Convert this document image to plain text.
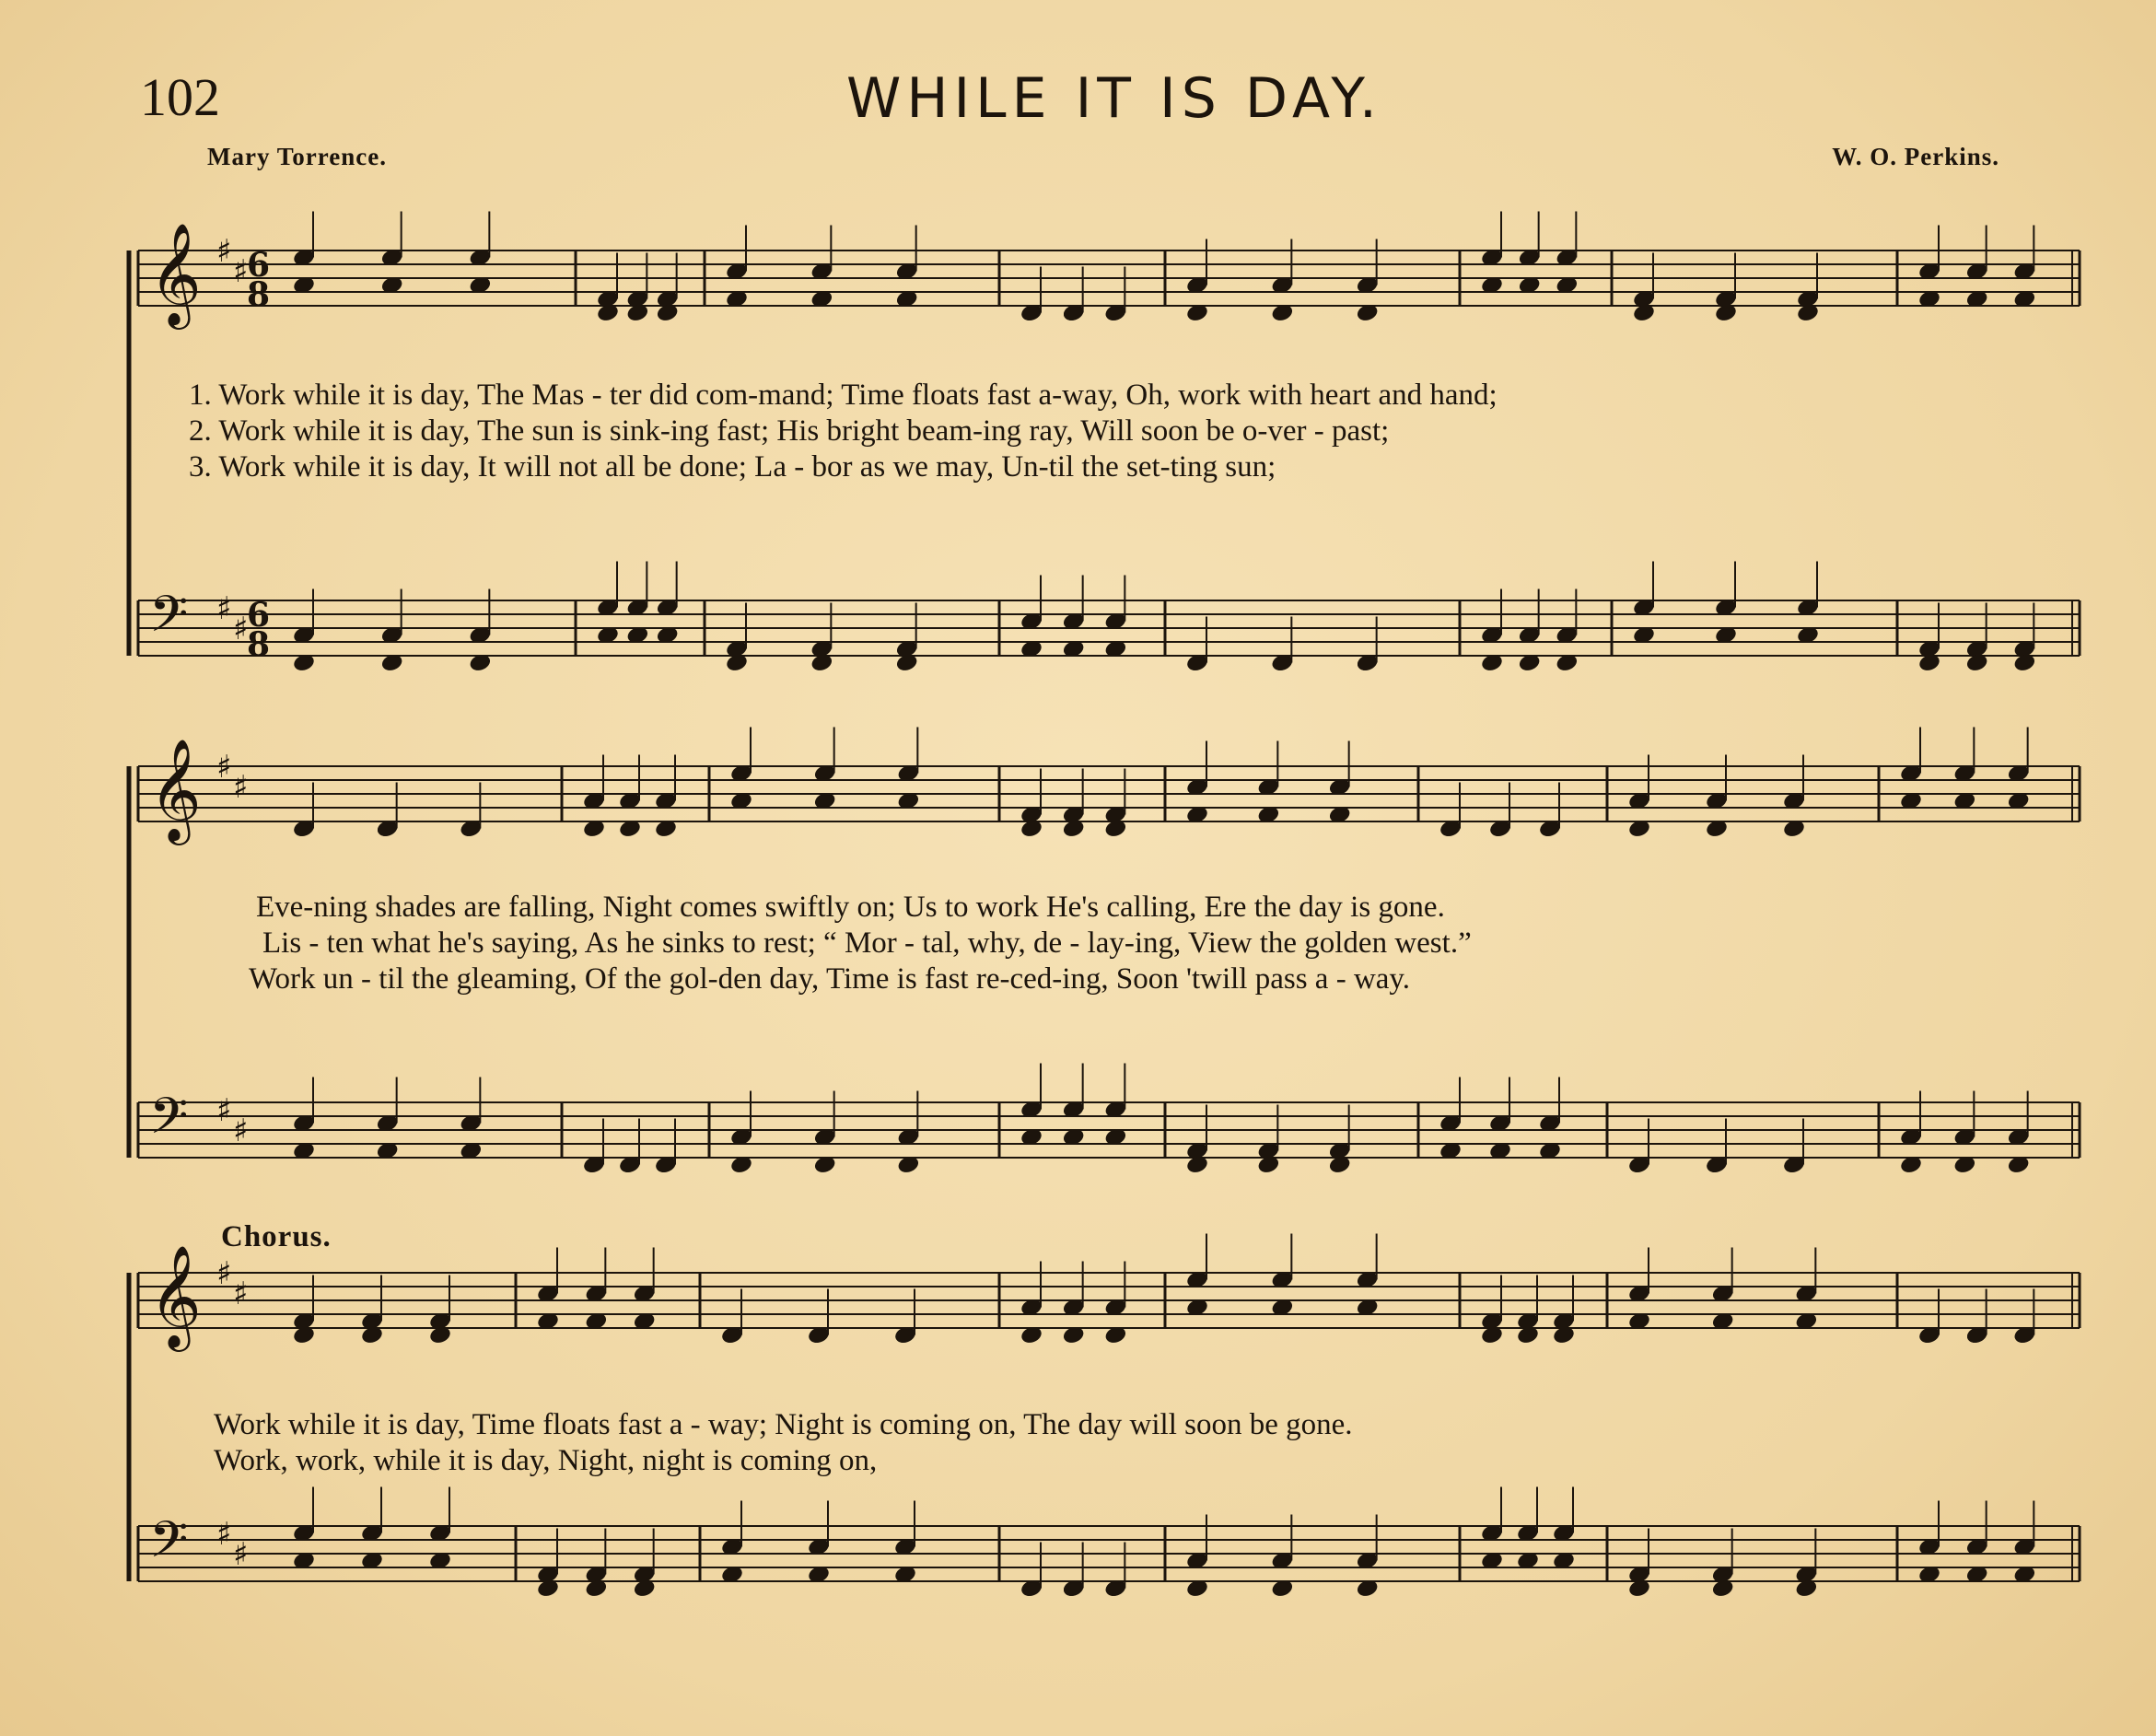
102	WHILE IT IS DAY.
Mary Torrence.	W. O. Perkins.
𝄞 ♯
♯
𝄢 ♯
♯
𝄞 ♯
♯
𝄢 ♯
♯
𝄞 ♯
♯
𝄢 ♯
♯
6
8
6
8
1. Work while it is day, The Mas - ter did com-mand; Time floats fast a-way, Oh, work with heart and hand;
2. Work while it is day, The sun is sink-ing fast; His bright beam-ing ray, Will soon be o-ver - past;
3. Work while it is day, It will not all be done; La - bor as we may, Un-til the set-ting sun;
Eve-ning shades are falling, Night comes swiftly on; Us to work He's calling, Ere the day is gone.
Lis - ten what he's saying, As he sinks to rest; “ Mor - tal, why, de - lay-ing, View the golden west.”
Work un - til the gleaming, Of the gol-den day, Time is fast re-ced-ing, Soon 'twill pass a - way.
Chorus.
Work while it is day, Time floats fast a - way; Night is coming on, The day will soon be gone.
Work, work, while it is day, Night, night is coming on,
